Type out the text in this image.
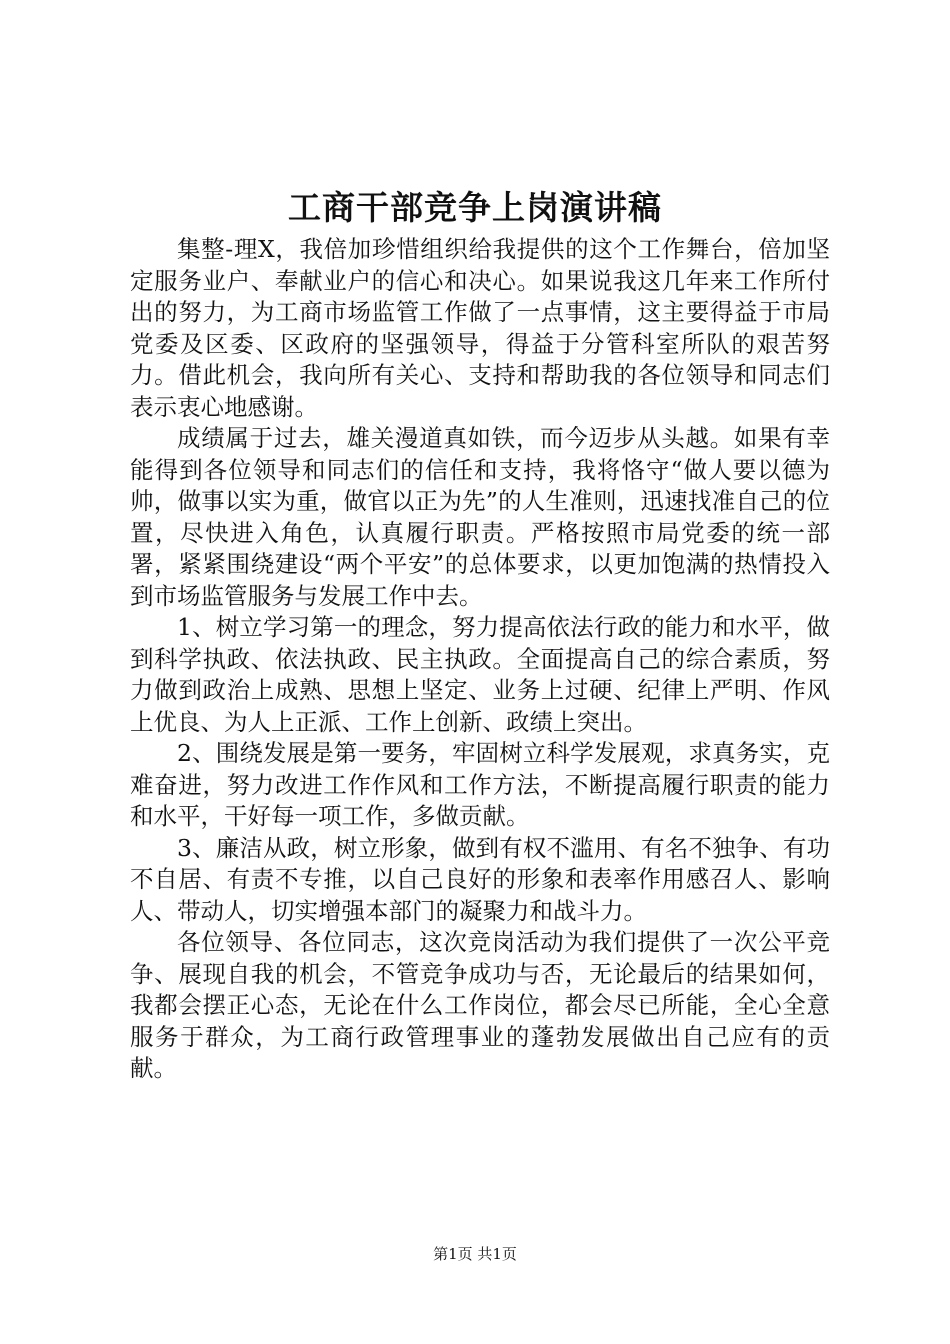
工商干部竞争上岗演讲稿

集整-理X，我倍加珍惜组织给我提供的这个工作舞台，倍加坚定服务业户、奉献业户的信心和决心。如果说我这几年来工作所付出的努力，为工商市场监管工作做了一点事情，这主要得益于市局党委及区委、区政府的坚强领导，得益于分管科室所队的艰苦努力。借此机会，我向所有关心、支持和帮助我的各位领导和同志们表示衷心地感谢。

成绩属于过去，雄关漫道真如铁，而今迈步从头越。如果有幸能得到各位领导和同志们的信任和支持，我将恪守“做人要以德为帅，做事以实为重，做官以正为先”的人生准则，迅速找准自己的位置，尽快进入角色，认真履行职责。严格按照市局党委的统一部署，紧紧围绕建设“两个平安”的总体要求，以更加饱满的热情投入到市场监管服务与发展工作中去。

1、树立学习第一的理念，努力提高依法行政的能力和水平，做到科学执政、依法执政、民主执政。全面提高自己的综合素质，努力做到政治上成熟、思想上坚定、业务上过硬、纪律上严明、作风上优良、为人上正派、工作上创新、政绩上突出。

2、围绕发展是第一要务，牢固树立科学发展观，求真务实，克难奋进，努力改进工作作风和工作方法，不断提高履行职责的能力和水平，干好每一项工作，多做贡献。

3、廉洁从政，树立形象，做到有权不滥用、有名不独争、有功不自居、有责不专推，以自己良好的形象和表率作用感召人、影响人、带动人，切实增强本部门的凝聚力和战斗力。

各位领导、各位同志，这次竞岗活动为我们提供了一次公平竞争、展现自我的机会，不管竞争成功与否，无论最后的结果如何，我都会摆正心态，无论在什么工作岗位，都会尽已所能，全心全意服务于群众，为工商行政管理事业的蓬勃发展做出自己应有的贡献。

第1页 共1页
